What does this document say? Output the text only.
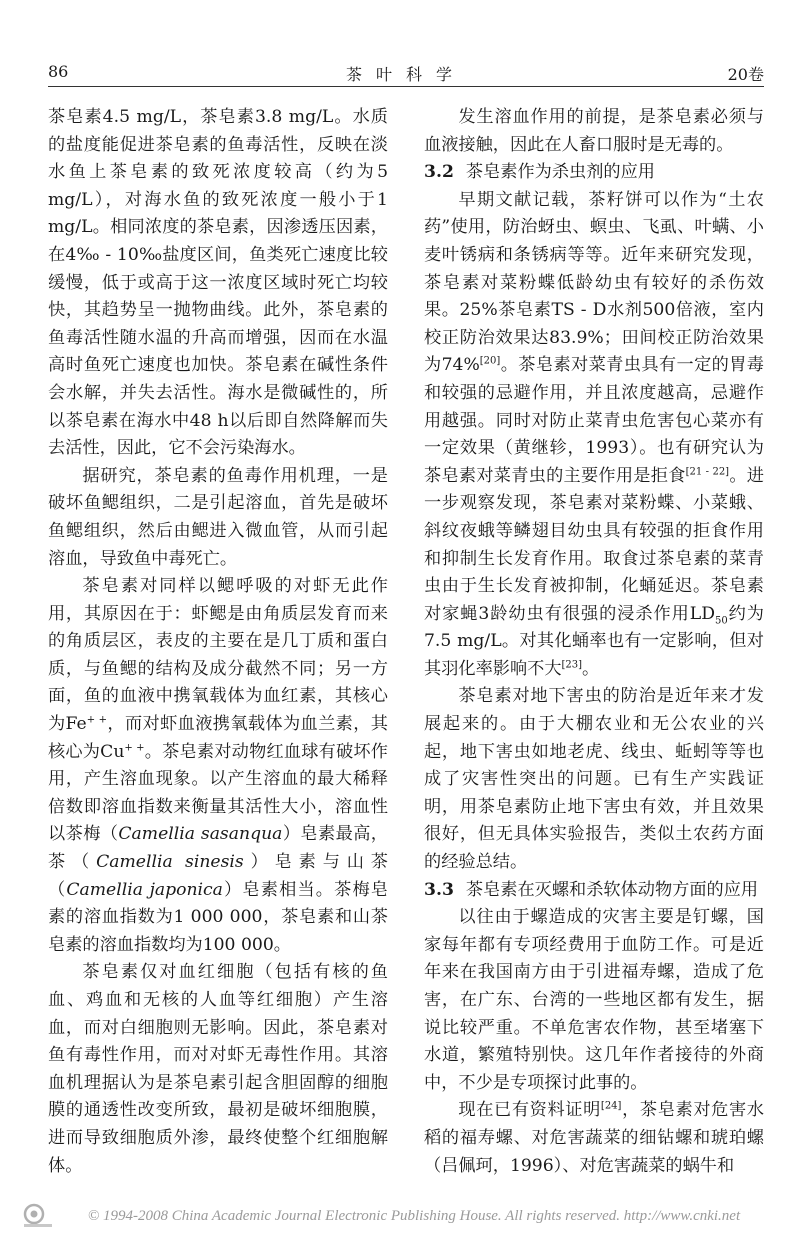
86	茶叶科学	20卷

茶皂素4.5 mg/L，茶皂素3.8 mg/L。水质的盐度能促进茶皂素的鱼毒活性，反映在淡水鱼上茶皂素的致死浓度较高（约为5 mg/L），对海水鱼的致死浓度一般小于1 mg/L。相同浓度的茶皂素，因渗透压因素，在4‰ - 10‰盐度区间，鱼类死亡速度比较缓慢，低于或高于这一浓度区域时死亡均较快，其趋势呈一抛物曲线。此外，茶皂素的鱼毒活性随水温的升高而增强，因而在水温高时鱼死亡速度也加快。茶皂素在碱性条件会水解，并失去活性。海水是微碱性的，所以茶皂素在海水中48 h以后即自然降解而失去活性，因此，它不会污染海水。

据研究，茶皂素的鱼毒作用机理，一是破坏鱼鳃组织，二是引起溶血，首先是破坏鱼鳃组织，然后由鳃进入微血管，从而引起溶血，导致鱼中毒死亡。

茶皂素对同样以鳃呼吸的对虾无此作用，其原因在于：虾鳃是由角质层发育而来的角质层区，表皮的主要在是几丁质和蛋白质，与鱼鳃的结构及成分截然不同；另一方面，鱼的血液中携氧载体为血红素，其核心为Fe+ +，而对虾血液携氧载体为血兰素，其核心为Cu+ +。茶皂素对动物红血球有破坏作用，产生溶血现象。以产生溶血的最大稀释倍数即溶血指数来衡量其活性大小，溶血性以茶梅（Camellia sasanqua）皂素最高，茶（Camellia sinesis）皂素与山茶（Camellia japonica）皂素相当。茶梅皂素的溶血指数为1 000 000，茶皂素和山茶皂素的溶血指数均为100 000。

茶皂素仅对血红细胞（包括有核的鱼血、鸡血和无核的人血等红细胞）产生溶血，而对白细胞则无影响。因此，茶皂素对鱼有毒性作用，而对对虾无毒性作用。其溶血机理据认为是茶皂素引起含胆固醇的细胞膜的通透性改变所致，最初是破坏细胞膜，进而导致细胞质外渗，最终使整个红细胞解体。

发生溶血作用的前提，是茶皂素必须与血液接触，因此在人畜口服时是无毒的。

3.2 茶皂素作为杀虫剂的应用

早期文献记载，茶籽饼可以作为“土农药”使用，防治蚜虫、螟虫、飞虱、叶螨、小麦叶锈病和条锈病等等。近年来研究发现，茶皂素对菜粉蝶低龄幼虫有较好的杀伤效果。25%茶皂素TS - D水剂500倍液，室内校正防治效果达83.9%；田间校正防治效果为74%[20]。茶皂素对菜青虫具有一定的胃毒和较强的忌避作用，并且浓度越高，忌避作用越强。同时对防止菜青虫危害包心菜亦有一定效果（黄继轸，1993）。也有研究认为茶皂素对菜青虫的主要作用是拒食[21 - 22]。进一步观察发现，茶皂素对菜粉蝶、小菜蛾、斜纹夜蛾等鳞翅目幼虫具有较强的拒食作用和抑制生长发育作用。取食过茶皂素的菜青虫由于生长发育被抑制，化蛹延迟。茶皂素对家蝇3龄幼虫有很强的浸杀作用$LD_{50}$约为7.5 mg/L。对其化蛹率也有一定影响，但对其羽化率影响不大[23]。

茶皂素对地下害虫的防治是近年来才发展起来的。由于大棚农业和无公农业的兴起，地下害虫如地老虎、线虫、蚯蚓等等也成了灾害性突出的问题。已有生产实践证明，用茶皂素防止地下害虫有效，并且效果很好，但无具体实验报告，类似土农药方面的经验总结。

3.3 茶皂素在灭螺和杀软体动物方面的应用

以往由于螺造成的灾害主要是钉螺，国家每年都有专项经费用于血防工作。可是近年来在我国南方由于引进福寿螺，造成了危害，在广东、台湾的一些地区都有发生，据说比较严重。不单危害农作物，甚至堵塞下水道，繁殖特别快。这几年作者接待的外商中，不少是专项探讨此事的。

现在已有资料证明[24]，茶皂素对危害水稻的福寿螺、对危害蔬菜的细钻螺和琥珀螺（吕佩珂，1996）、对危害蔬菜的蜗牛和

© 1994-2008 China Academic Journal Electronic Publishing House. All rights reserved. http://www.cnki.net
